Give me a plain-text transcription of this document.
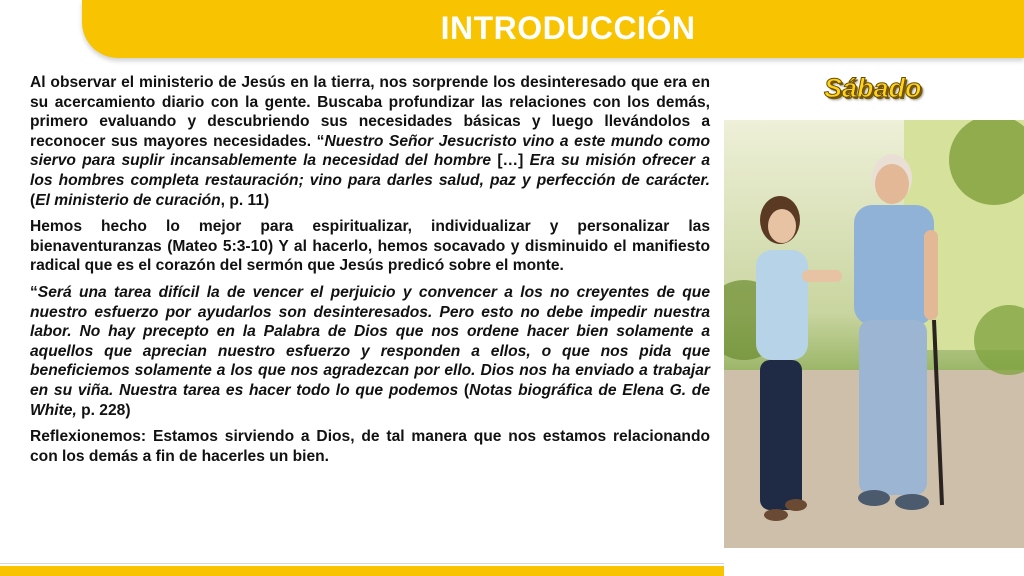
INTRODUCCIÓN

Al observar el ministerio de Jesús en la tierra, nos sorprende los desinteresado que era en su acercamiento diario con la gente. Buscaba profundizar las relaciones con los demás, primero evaluando y descubriendo sus necesidades básicas y luego llevándolos a reconocer sus mayores necesidades. “Nuestro Señor Jesucristo vino a este mundo como siervo para suplir incansablemente la necesidad del hombre […] Era su misión ofrecer a los hombres completa restauración; vino para darles salud, paz y perfección de carácter. (El ministerio de curación, p. 11)

Hemos hecho lo mejor para espiritualizar, individualizar y personalizar las bienaventuranzas (Mateo 5:3-10) Y al hacerlo, hemos socavado y disminuido el manifiesto radical que es el corazón del sermón que Jesús predicó sobre el monte.

“Será una tarea difícil la de vencer el perjuicio y convencer a los no creyentes de que nuestro esfuerzo por ayudarlos son desinteresados. Pero esto no debe impedir nuestra labor. No hay precepto en la Palabra de Dios que nos ordene hacer bien solamente a aquellos que aprecian nuestro esfuerzo y responden a ellos, o que nos pida que beneficiemos solamente a los que nos agradezcan por ello. Dios nos ha enviado a trabajar en su viña. Nuestra tarea es hacer todo lo que podemos (Notas biográfica de Elena G. de White, p. 228)

Reflexionemos: Estamos sirviendo a Dios, de tal manera que nos estamos relacionando con los demás a fin de hacerles un bien.

Sábado
